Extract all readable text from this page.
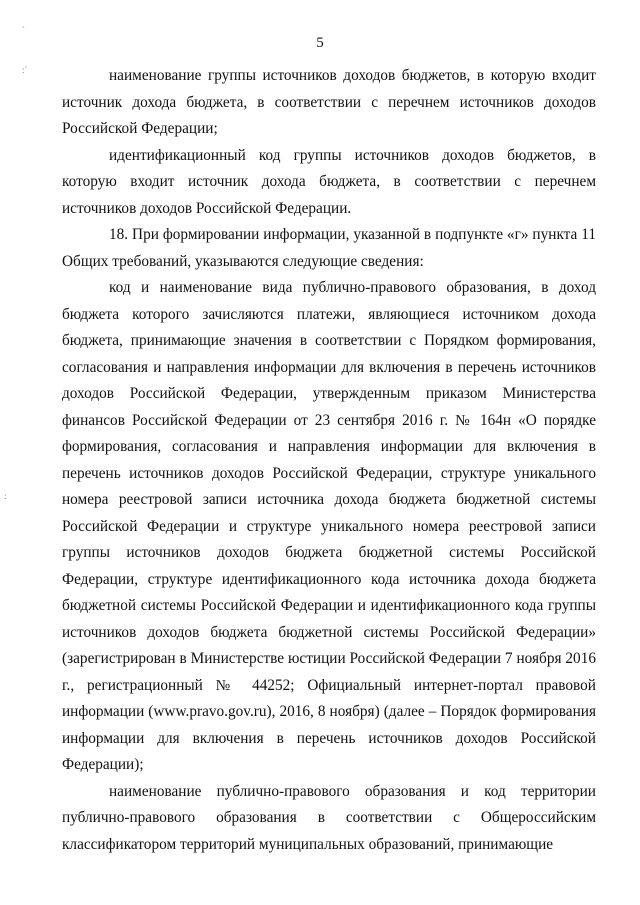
`
:´
:
5

наименование группы источников доходов бюджетов, в которую входит источник дохода бюджета, в соответствии с перечнем источников доходов Российской Федерации;

идентификационный код группы источников доходов бюджетов, в которую входит источник дохода бюджета, в соответствии с перечнем источников доходов Российской Федерации.

18. При формировании информации, указанной в подпункте «г» пункта 11 Общих требований, указываются следующие сведения:

код и наименование вида публично-правового образования, в доход бюджета которого зачисляются платежи, являющиеся источником дохода бюджета, принимающие значения в соответствии с Порядком формирования, согласования и направления информации для включения в перечень источников доходов Российской Федерации, утвержденным приказом Министерства финансов Российской Федерации от 23 сентября 2016 г. № 164н «О порядке формирования, согласования и направления информации для включения в перечень источников доходов Российской Федерации, структуре уникального номера реестровой записи источника дохода бюджета бюджетной системы Российской Федерации и структуре уникального номера реестровой записи группы источников доходов бюджета бюджетной системы Российской Федерации, структуре идентификационного кода источника дохода бюджета бюджетной системы Российской Федерации и идентификационного кода группы источников доходов бюджета бюджетной системы Российской Федерации» (зарегистрирован в Министерстве юстиции Российской Федерации 7 ноября 2016 г., регистрационный № 44252; Официальный интернет-портал правовой информации (www.pravo.gov.ru), 2016, 8 ноября) (далее – Порядок формирования информации для включения в перечень источников доходов Российской Федерации);

наименование публично-правового образования и код территории публично-правового образования в соответствии с Общероссийским классификатором территорий муниципальных образований, принимающие
